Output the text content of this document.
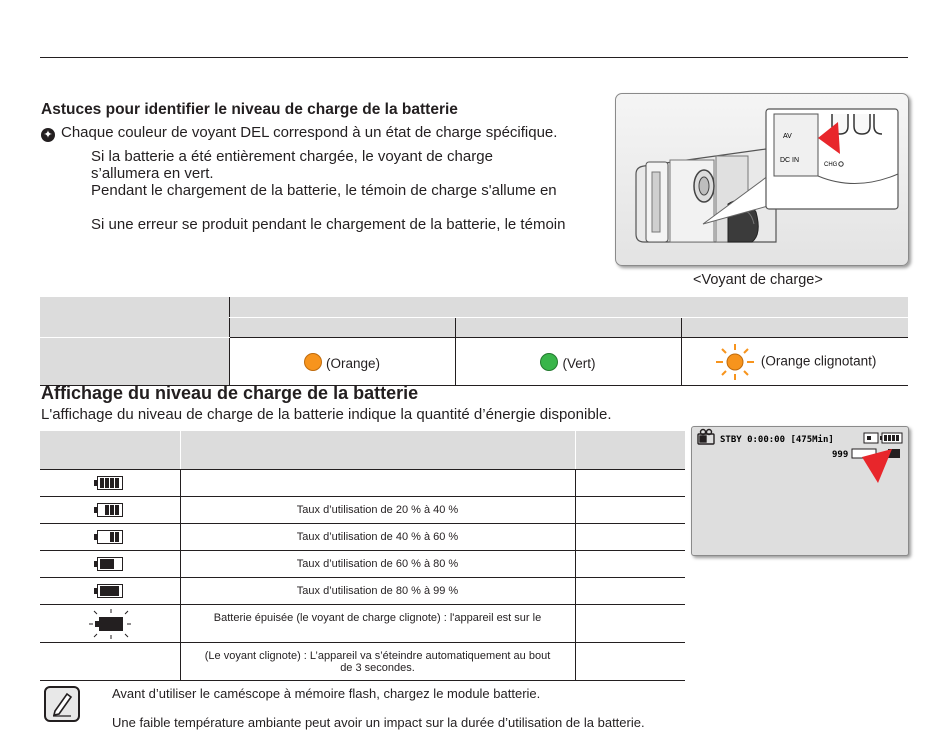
Astuces pour identifier le niveau de charge de la batterie
✦ Chaque couleur de voyant DEL correspond à un état de charge spécifique.
Si la batterie a été entièrement chargée, le voyant de charge
s’allumera en vert.
Pendant le chargement de la batterie, le témoin de charge s'allume en
Si une erreur se produit pendant le chargement de la batterie, le témoin
AV
DC IN
CHG
<Voyant de charge>

	(Orange)	(Vert)	(Orange clignotant)
Affichage du niveau de charge de la batterie
L'affichage du niveau de charge de la batterie indique la quantité d’énergie disponible.

	Taux d’utilisation de 20 % à 40 %	

	Taux d’utilisation de 40 % à 60 %	

	Taux d’utilisation de 60 % à 80 %	

	Taux d’utilisation de 80 % à 99 %	
	Batterie épuisée (le voyant de charge clignote) : l'appareil est sur le	
	(Le voyant clignote) : L’appareil va s’éteindre automatiquement au bout de 3 secondes.	
STBY 0:00:00 [475Min]
999
Avant d’utiliser le caméscope à mémoire flash, chargez le module batterie.
Une faible température ambiante peut avoir un impact sur la durée d’utilisation de la batterie.
